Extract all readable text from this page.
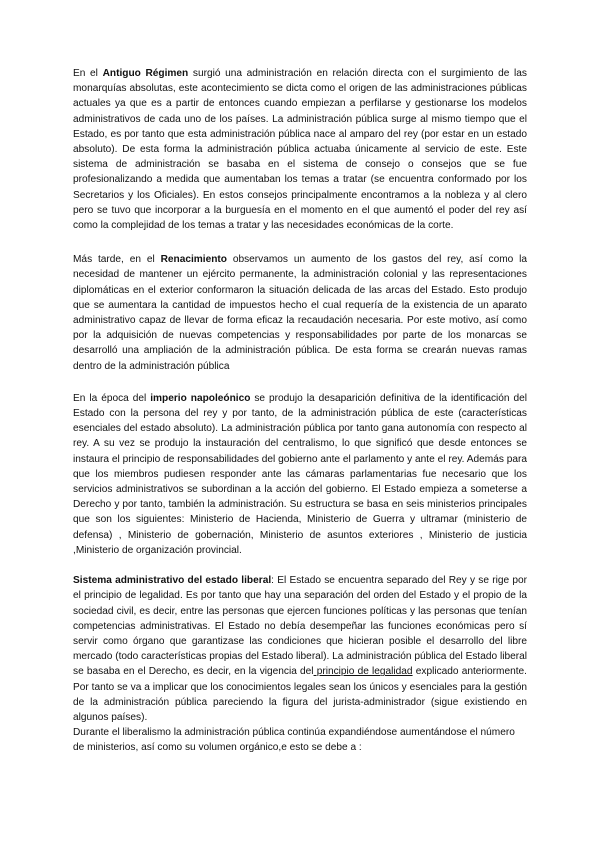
En el Antiguo Régimen surgió una administración en relación directa con el surgimiento de las monarquías absolutas, este acontecimiento se dicta como el origen de las administraciones públicas actuales ya que es a partir de entonces cuando empiezan a perfilarse y gestionarse los modelos administrativos de cada uno de los países. La administración pública surge al mismo tiempo que el Estado, es por tanto que esta administración pública nace al amparo del rey (por estar en un estado absoluto). De esta forma la administración pública actuaba únicamente al servicio de este. Este sistema de administración se basaba en el sistema de consejo o consejos que se fue profesionalizando a medida que aumentaban los temas a tratar (se encuentra conformado por los Secretarios y los Oficiales). En estos consejos principalmente encontramos a la nobleza y al clero pero se tuvo que incorporar a la burguesía en el momento en el que aumentó el poder del rey así como la complejidad de los temas a tratar y las necesidades económicas de la corte.

Más tarde, en el Renacimiento observamos un aumento de los gastos del rey, así como la necesidad de mantener un ejército permanente, la administración colonial y las representaciones diplomáticas en el exterior conformaron la situación delicada de las arcas del Estado. Esto produjo que se aumentara la cantidad de impuestos hecho el cual requería de la existencia de un aparato administrativo capaz de llevar de forma eficaz la recaudación necesaria. Por este motivo, así como por la adquisición de nuevas competencias y responsabilidades por parte de los monarcas se desarrolló una ampliación de la administración pública. De esta forma se crearán nuevas ramas dentro de la administración pública

En la época del imperio napoleónico se produjo la desaparición definitiva de la identificación del Estado con la persona del rey y por tanto, de la administración pública de este (características esenciales del estado absoluto). La administración pública por tanto gana autonomía con respecto al rey. A su vez se produjo la instauración del centralismo, lo que significó que desde entonces se instaura el principio de responsabilidades del gobierno ante el parlamento y ante el rey. Además para que los miembros pudiesen responder ante las cámaras parlamentarias fue necesario que los servicios administrativos se subordinan a la acción del gobierno. El Estado empieza a someterse a Derecho y por tanto, también la administración. Su estructura se basa en seis ministerios principales que son los siguientes: Ministerio de Hacienda, Ministerio de Guerra y ultramar (ministerio de defensa) , Ministerio de gobernación, Ministerio de asuntos exteriores , Ministerio de justicia ,Ministerio de organización provincial.

Sistema administrativo del estado liberal: El Estado se encuentra separado del Rey y se rige por el principio de legalidad. Es por tanto que hay una separación del orden del Estado y el propio de la sociedad civil, es decir, entre las personas que ejercen funciones políticas y las personas que tenían competencias administrativas. El Estado no debía desempeñar las funciones económicas pero sí servir como órgano que garantizase las condiciones que hicieran posible el desarrollo del libre mercado (todo características propias del Estado liberal). La administración pública del Estado liberal se basaba en el Derecho, es decir, en la vigencia del principio de legalidad explicado anteriormente. Por tanto se va a implicar que los conocimientos legales sean los únicos y esenciales para la gestión de la administración pública pareciendo la figura del jurista-administrador (sigue existiendo en algunos países).

Durante el liberalismo la administración pública continúa expandiéndose aumentándose el número de ministerios, así como su volumen orgánico,e esto se debe a :
